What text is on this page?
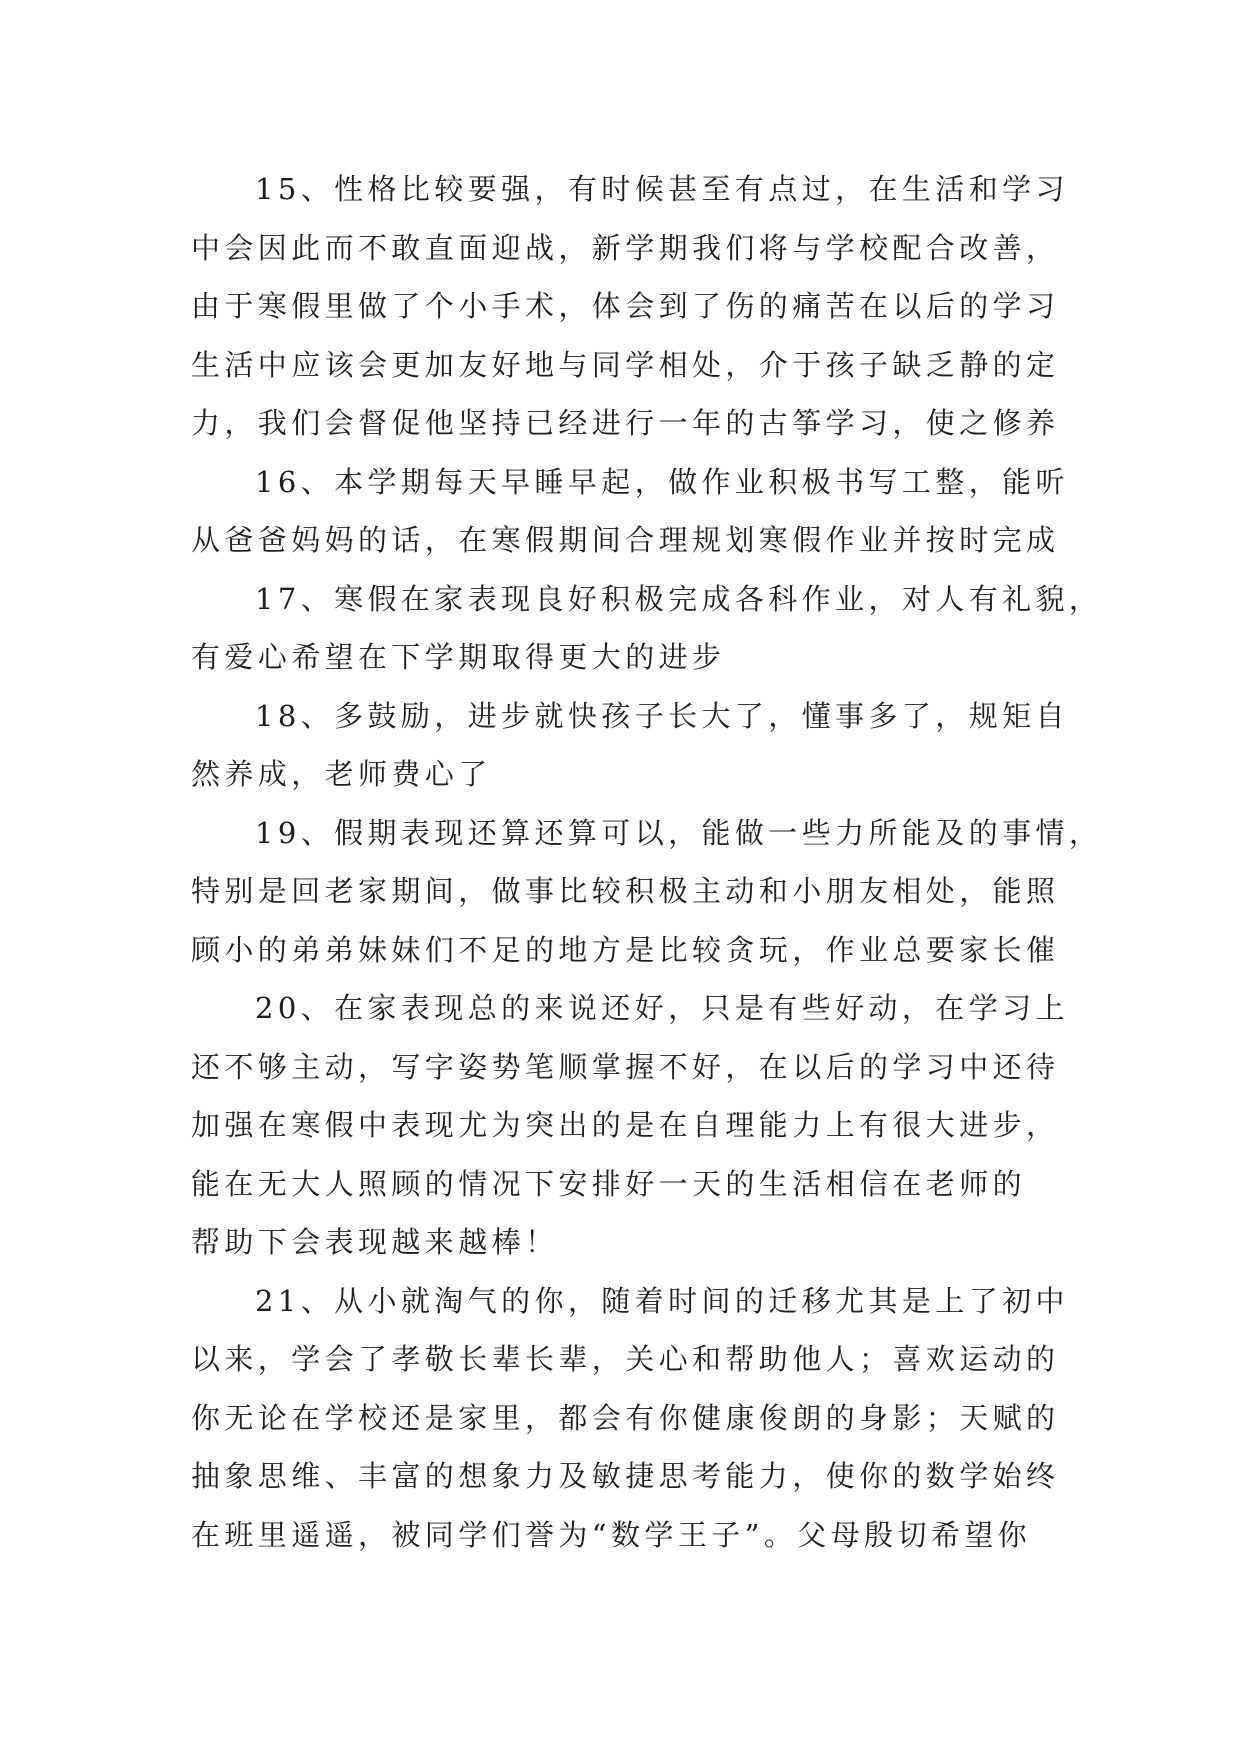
15、性格比较要强，有时候甚至有点过，在生活和学习
中会因此而不敢直面迎战，新学期我们将与学校配合改善，
由于寒假里做了个小手术，体会到了伤的痛苦在以后的学习
生活中应该会更加友好地与同学相处，介于孩子缺乏静的定
力，我们会督促他坚持已经进行一年的古筝学习，使之修养
16、本学期每天早睡早起，做作业积极书写工整，能听
从爸爸妈妈的话，在寒假期间合理规划寒假作业并按时完成
17、寒假在家表现良好积极完成各科作业，对人有礼貌，
有爱心希望在下学期取得更大的进步
18、多鼓励，进步就快孩子长大了，懂事多了，规矩自
然养成，老师费心了
19、假期表现还算还算可以，能做一些力所能及的事情，
特别是回老家期间，做事比较积极主动和小朋友相处，能照
顾小的弟弟妹妹们不足的地方是比较贪玩，作业总要家长催
20、在家表现总的来说还好，只是有些好动，在学习上
还不够主动，写字姿势笔顺掌握不好，在以后的学习中还待
加强在寒假中表现尤为突出的是在自理能力上有很大进步，
能在无大人照顾的情况下安排好一天的生活相信在老师的
帮助下会表现越来越棒！
21、从小就淘气的你，随着时间的迁移尤其是上了初中
以来，学会了孝敬长辈长辈，关心和帮助他人；喜欢运动的
你无论在学校还是家里，都会有你健康俊朗的身影；天赋的
抽象思维、丰富的想象力及敏捷思考能力，使你的数学始终
在班里遥遥，被同学们誉为“数学王子”。父母殷切希望你
